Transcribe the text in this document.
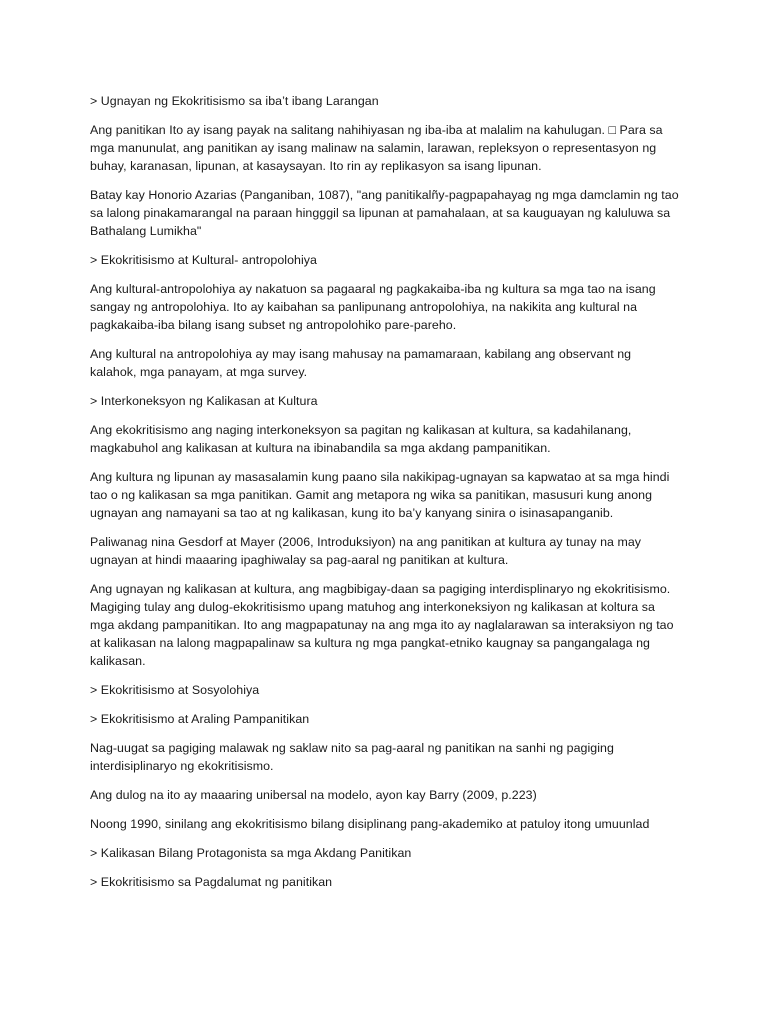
> Ugnayan ng Ekokritisismo sa iba’t ibang Larangan

Ang panitikan Ito ay isang payak na salitang nahihiyasan ng iba-iba at malalim na kahulugan. □ Para sa mga manunulat, ang panitikan ay isang malinaw na salamin, larawan, repleksyon o representasyon ng buhay, karanasan, lipunan, at kasaysayan. Ito rin ay replikasyon sa isang lipunan.

Batay kay Honorio Azarias (Panganiban, 1087), "ang panitikalñy-pagpapahayag ng mga damclamin ng tao sa lalong pinakamarangal na paraan hingggil sa lipunan at pamahalaan, at sa kauguayan ng kaluluwa sa Bathalang Lumikha"

> Ekokritisismo at Kultural- antropolohiya

Ang kultural-antropolohiya ay nakatuon sa pagaaral ng pagkakaiba-iba ng kultura sa mga tao na isang sangay ng antropolohiya. Ito ay kaibahan sa panlipunang antropolohiya, na nakikita ang kultural na pagkakaiba-iba bilang isang subset ng antropolohiko pare-pareho.

Ang kultural na antropolohiya ay may isang mahusay na pamamaraan, kabilang ang observant ng kalahok, mga panayam, at mga survey.

> Interkoneksyon ng Kalikasan at Kultura

Ang ekokritisismo ang naging interkoneksyon sa pagitan ng kalikasan at kultura, sa kadahilanang, magkabuhol ang kalikasan at kultura na ibinabandila sa mga akdang pampanitikan.

Ang kultura ng lipunan ay masasalamin kung paano sila nakikipag-ugnayan sa kapwatao at sa mga hindi tao o ng kalikasan sa mga panitikan. Gamit ang metapora ng wika sa panitikan, masusuri kung anong ugnayan ang namayani sa tao at ng kalikasan, kung ito ba’y kanyang sinira o isinasapanganib.

Paliwanag nina Gesdorf at Mayer (2006, Introduksiyon) na ang panitikan at kultura ay tunay na may ugnayan at hindi maaaring ipaghiwalay sa pag-aaral ng panitikan at kultura.

Ang ugnayan ng kalikasan at kultura, ang magbibigay-daan sa pagiging interdisplinaryo ng ekokritisismo. Magiging tulay ang dulog-ekokritisismo upang matuhog ang interkoneksiyon ng kalikasan at koltura sa mga akdang pampanitikan. Ito ang magpapatunay na ang mga ito ay naglalarawan sa interaksiyon ng tao at kalikasan na lalong magpapalinaw sa kultura ng mga pangkat-etniko kaugnay sa pangangalaga ng kalikasan.

> Ekokritisismo at Sosyolohiya

> Ekokritisismo at Araling Pampanitikan

Nag-uugat sa pagiging malawak ng saklaw nito sa pag-aaral ng panitikan na sanhi ng pagiging interdisiplinaryo ng ekokritisismo.

Ang dulog na ito ay maaaring unibersal na modelo, ayon kay Barry (2009, p.223)

Noong 1990, sinilang ang ekokritisismo bilang disiplinang pang-akademiko at patuloy itong umuunlad

> Kalikasan Bilang Protagonista sa mga Akdang Panitikan

> Ekokritisismo sa Pagdalumat ng panitikan
